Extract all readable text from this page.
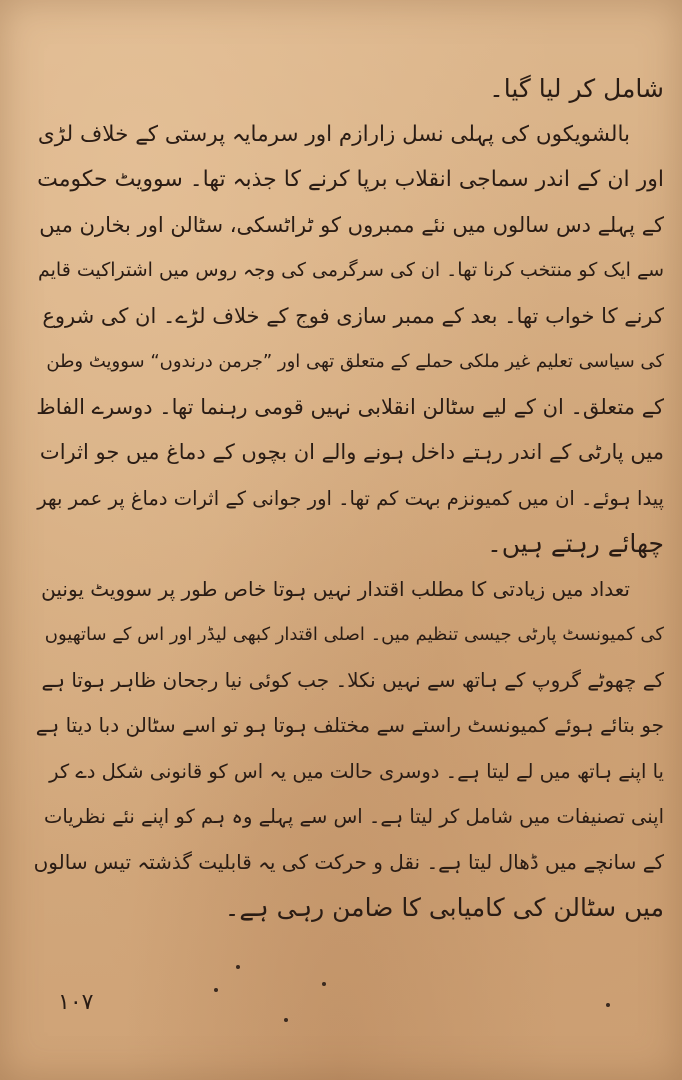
شامل کر لیا گیا۔
بالشویکوں کی پہلی نسل زارازم اور سرمایہ پرستی کے خلاف لڑی
اور ان کے اندر سماجی انقلاب برپا کرنے کا جذبہ تھا۔ سوویٹ حکومت
کے پہلے دس سالوں میں نئے ممبروں کو ٹراٹسکی، سٹالن اور بخارن میں
سے ایک کو منتخب کرنا تھا۔ ان کی سرگرمی کی وجہ روس میں اشتراکیت قایم
کرنے کا خواب تھا۔ بعد کے ممبر سازی فوج کے خلاف لڑے۔ ان کی شروع
کی سیاسی تعلیم غیر ملکی حملے کے متعلق تھی اور ”جرمن درندوں“ سوویٹ وطن
کے متعلق۔ ان کے لیے سٹالن انقلابی نہیں قومی رہنما تھا۔ دوسرے الفاظ
میں پارٹی کے اندر رہتے داخل ہونے والے ان بچوں کے دماغ میں جو اثرات
پیدا ہوئے۔ ان میں کمیونزم بہت کم تھا۔ اور جوانی کے اثرات دماغ پر عمر بھر
چھائے رہتے ہیں۔
تعداد میں زیادتی کا مطلب اقتدار نہیں ہوتا خاص طور پر سوویٹ یونین
کی کمیونسٹ پارٹی جیسی تنظیم میں۔ اصلی اقتدار کبھی لیڈر اور اس کے ساتھیوں
کے چھوٹے گروپ کے ہاتھ سے نہیں نکلا۔ جب کوئی نیا رجحان ظاہر ہوتا ہے
جو بتائے ہوئے کمیونسٹ راستے سے مختلف ہوتا ہو تو اسے سٹالن دبا دیتا ہے
یا اپنے ہاتھ میں لے لیتا ہے۔ دوسری حالت میں یہ اس کو قانونی شکل دے کر
اپنی تصنیفات میں شامل کر لیتا ہے۔ اس سے پہلے وہ ہم کو اپنے نئے نظریات
کے سانچے میں ڈھال لیتا ہے۔ نقل و حرکت کی یہ قابلیت گذشتہ تیس سالوں
میں سٹالن کی کامیابی کا ضامن رہی ہے۔
۱۰۷
